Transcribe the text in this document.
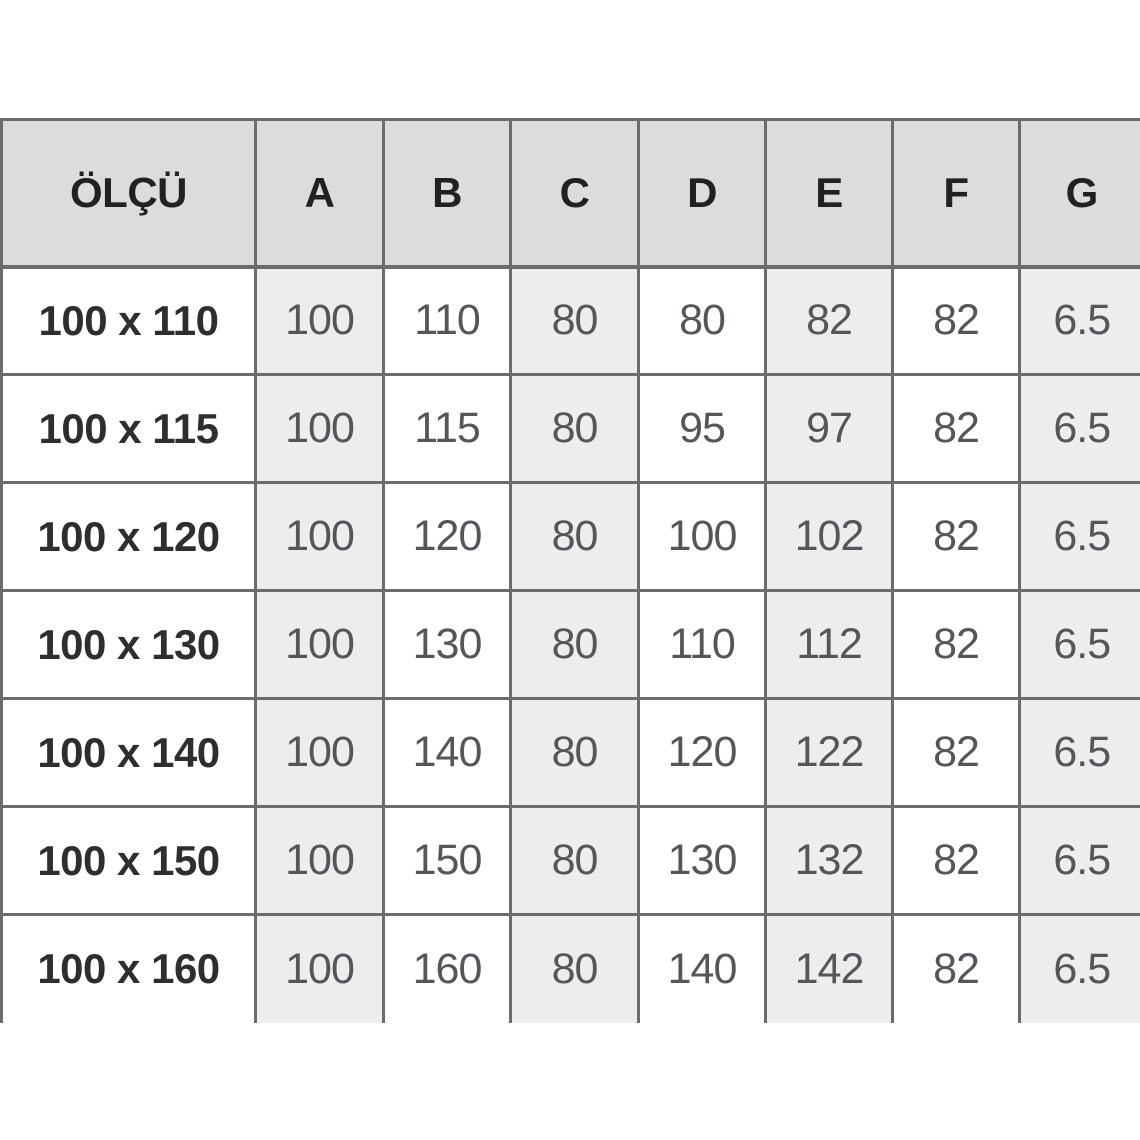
ÖLÇÜ	A	B	C	D	E	F	G
100 x 110	100	110	80	80	82	82	6.5
100 x 115	100	115	80	95	97	82	6.5
100 x 120	100	120	80	100	102	82	6.5
100 x 130	100	130	80	110	112	82	6.5
100 x 140	100	140	80	120	122	82	6.5
100 x 150	100	150	80	130	132	82	6.5
100 x 160	100	160	80	140	142	82	6.5
